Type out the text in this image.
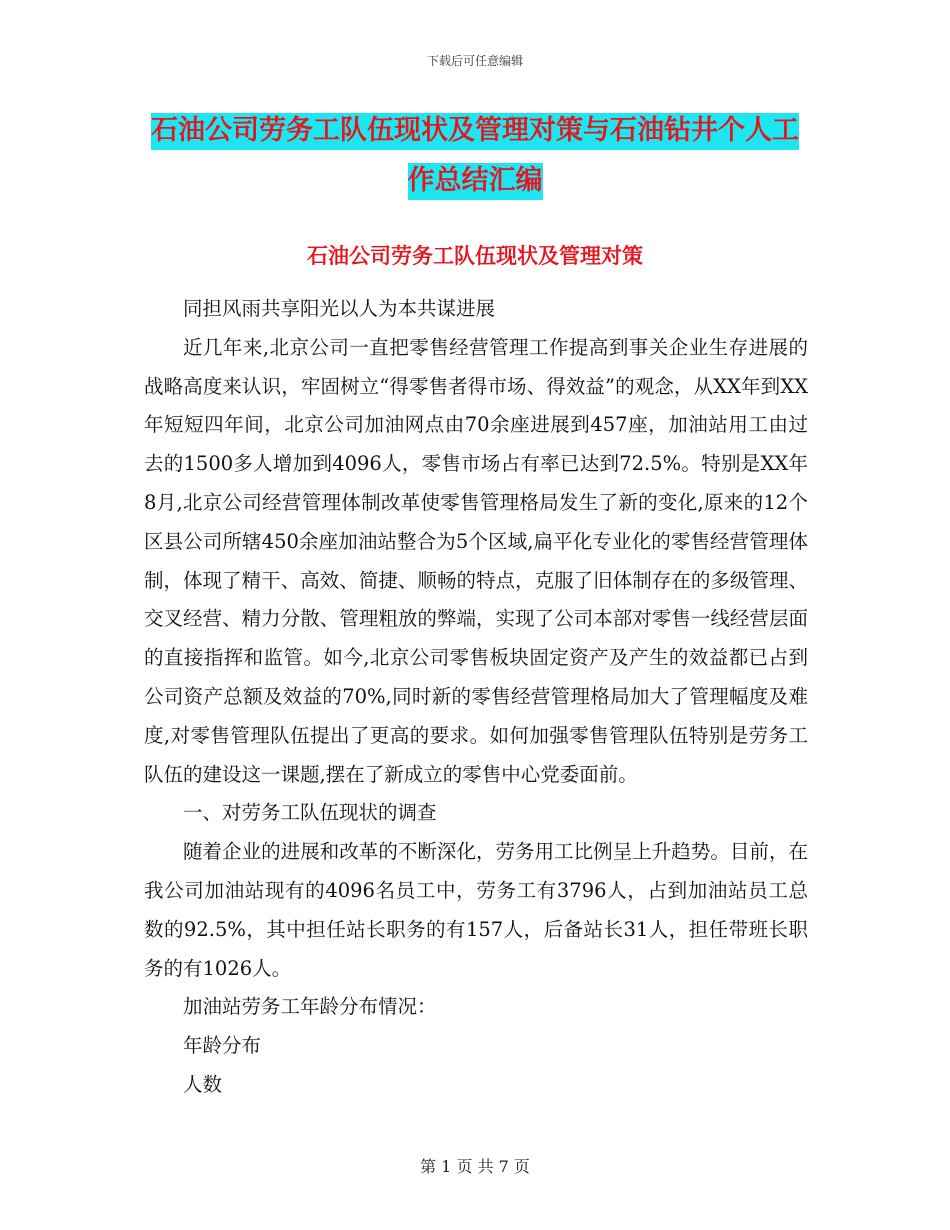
下载后可任意编辑
石油公司劳务工队伍现状及管理对策与石油钻井个人工作总结汇编
石油公司劳务工队伍现状及管理对策

同担风雨共享阳光以人为本共谋进展

近几年来,北京公司一直把零售经营管理工作提高到事关企业生存进展的战略高度来认识，牢固树立“得零售者得市场、得效益”的观念，从XX年到XX年短短四年间，北京公司加油网点由70余座进展到457座，加油站用工由过去的1500多人增加到4096人，零售市场占有率已达到72.5%。特别是XX年8月,北京公司经营管理体制改革使零售管理格局发生了新的变化,原来的12个区县公司所辖450余座加油站整合为5个区域,扁平化专业化的零售经营管理体制，体现了精干、高效、简捷、顺畅的特点，克服了旧体制存在的多级管理、交叉经营、精力分散、管理粗放的弊端，实现了公司本部对零售一线经营层面的直接指挥和监管。如今,北京公司零售板块固定资产及产生的效益都已占到公司资产总额及效益的70%,同时新的零售经营管理格局加大了管理幅度及难度,对零售管理队伍提出了更高的要求。如何加强零售管理队伍特别是劳务工队伍的建设这一课题,摆在了新成立的零售中心党委面前。

一、对劳务工队伍现状的调查

随着企业的进展和改革的不断深化，劳务用工比例呈上升趋势。目前，在我公司加油站现有的4096名员工中，劳务工有3796人，占到加油站员工总数的92.5%，其中担任站长职务的有157人，后备站长31人，担任带班长职务的有1026人。

加油站劳务工年龄分布情况：

年龄分布

人数

第 1 页 共 7 页
